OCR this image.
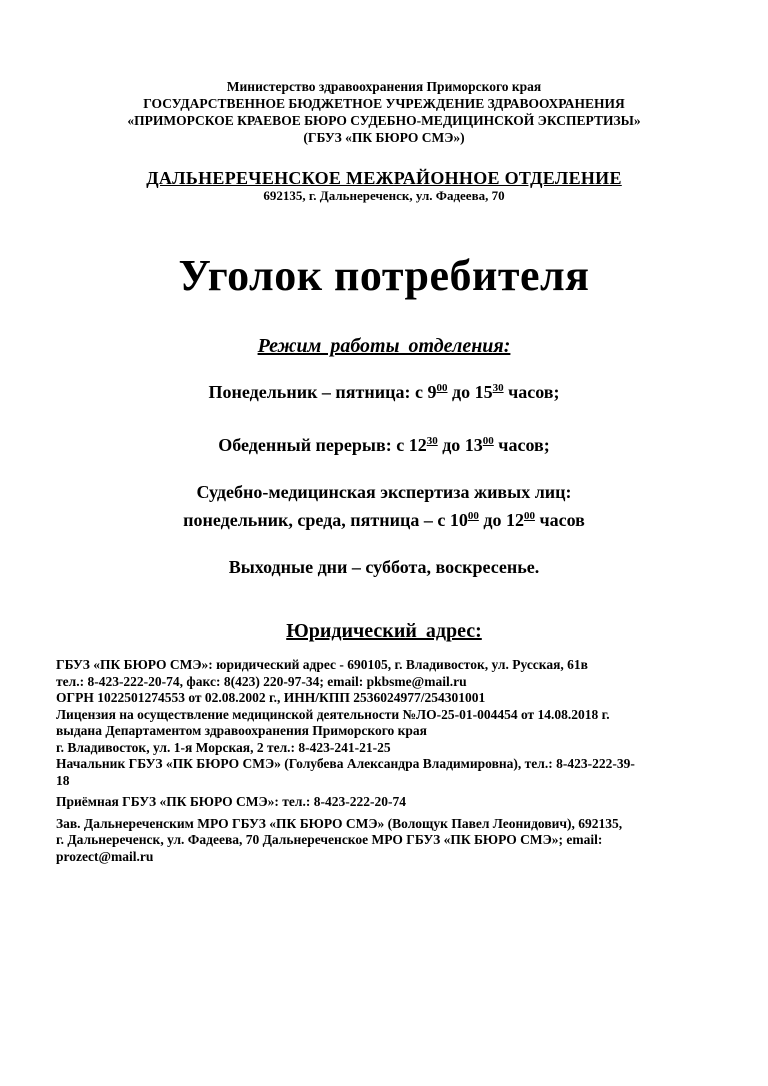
Министерство здравоохранения Приморского края
ГОСУДАРСТВЕННОЕ БЮДЖЕТНОЕ УЧРЕЖДЕНИЕ ЗДРАВООХРАНЕНИЯ
«ПРИМОРСКОЕ КРАЕВОЕ БЮРО СУДЕБНО-МЕДИЦИНСКОЙ ЭКСПЕРТИЗЫ»
(ГБУЗ «ПК БЮРО СМЭ»)
ДАЛЬНЕРЕЧЕНСКОЕ МЕЖРАЙОННОЕ ОТДЕЛЕНИЕ
692135, г. Дальнереченск, ул. Фадеева, 70
Уголок потребителя
Режим работы отделения:
Понедельник – пятница: с $9^{00}$ до $15^{30}$ часов;
Обеденный перерыв: с $12^{30}$ до $13^{00}$ часов;
Судебно-медицинская экспертиза живых лиц:
понедельник, среда, пятница – с $10^{00}$ до $12^{00}$ часов
Выходные дни – суббота, воскресенье.
Юридический адрес:

ГБУЗ «ПК БЮРО СМЭ»: юридический адрес - 690105, г. Владивосток, ул. Русская, 61в

тел.: 8-423-222-20-74, факс: 8(423) 220-97-34; email: pkbsme@mail.ru

ОГРН 1022501274553 от 02.08.2002 г., ИНН/КПП 2536024977/254301001

Лицензия на осуществление медицинской деятельности №ЛО-25-01-004454 от 14.08.2018 г.

выдана Департаментом здравоохранения Приморского края

г. Владивосток, ул. 1-я Морская, 2 тел.: 8-423-241-21-25

Начальник ГБУЗ «ПК БЮРО СМЭ» (Голубева Александра Владимировна), тел.: 8-423-222-39-

18

Приёмная ГБУЗ «ПК БЮРО СМЭ»: тел.: 8-423-222-20-74

Зав. Дальнереченским МРО ГБУЗ «ПК БЮРО СМЭ» (Волощук Павел Леонидович), 692135,

г. Дальнереченск, ул. Фадеева, 70 Дальнереченское МРО ГБУЗ «ПК БЮРО СМЭ»; email:

prozect@mail.ru
